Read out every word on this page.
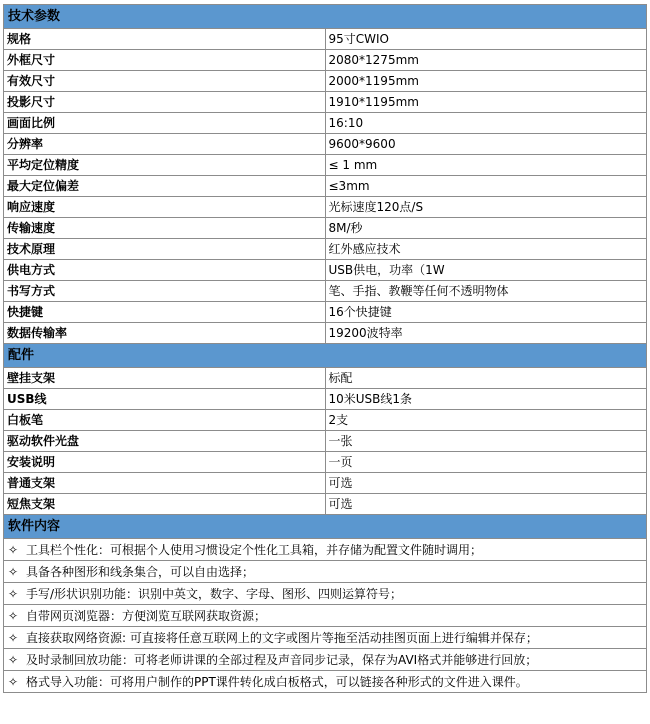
技术参数	
规格	95寸CWIO
外框尺寸	2080*1275mm
有效尺寸	2000*1195mm
投影尺寸	1910*1195mm
画面比例	16:10
分辨率	9600*9600
平均定位精度	≤ 1 mm
最大定位偏差	≤3mm
响应速度	光标速度120点/S
传输速度	8M/秒
技术原理	红外感应技术
供电方式	USB供电，功率（1W
书写方式	笔、手指、教鞭等任何不透明物体
快捷键	16个快捷键
数据传输率	19200波特率
配件	
壁挂支架	标配
USB线	10米USB线1条
白板笔	2支
驱动软件光盘	一张
安装说明	一页
普通支架	可选
短焦支架	可选
软件内容	
✧ 工具栏个性化：可根据个人使用习惯设定个性化工具箱，并存储为配置文件随时调用；	
✧ 具备各种图形和线条集合，可以自由选择；	
✧ 手写/形状识别功能：识别中英文，数字、字母、图形、四则运算符号；	
✧ 自带网页浏览器：方便浏览互联网获取资源；	
✧ 直接获取网络资源: 可直接将任意互联网上的文字或图片等拖至活动挂图页面上进行编辑并保存；	
✧ 及时录制回放功能：可将老师讲课的全部过程及声音同步记录，保存为AVI格式并能够进行回放；	
✧ 格式导入功能：可将用户制作的PPT课件转化成白板格式，可以链接各种形式的文件进入课件。	
